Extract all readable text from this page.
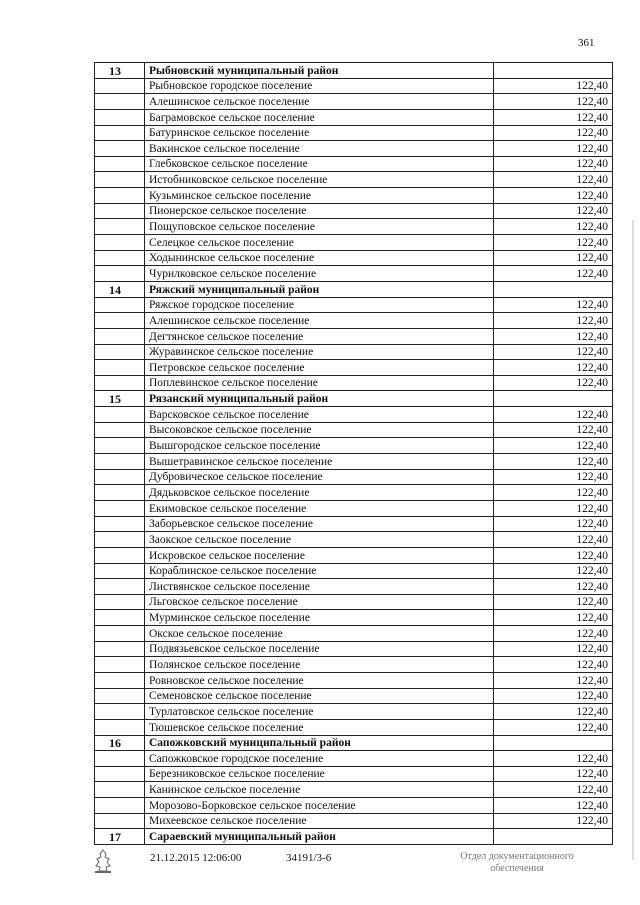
361
13	Рыбновский муниципальный район	
	Рыбновское городское поселение	122,40
	Алешинское сельское поселение	122,40
	Баграмовское сельское поселение	122,40
	Батуринское сельское поселение	122,40
	Вакинское сельское поселение	122,40
	Глебковское сельское поселение	122,40
	Истобниковское сельское поселение	122,40
	Кузьминское сельское поселение	122,40
	Пионерское сельское поселение	122,40
	Пощуповское сельское поселение	122,40
	Селецкое сельское поселение	122,40
	Ходынинское сельское поселение	122,40
	Чурилковское сельское поселение	122,40
14	Ряжский муниципальный район	
	Ряжское городское поселение	122,40
	Алешинское сельское поселение	122,40
	Дегтянское сельское поселение	122,40
	Журавинское сельское поселение	122,40
	Петровское сельское поселение	122,40
	Поплевинское сельское поселение	122,40
15	Рязанский муниципальный район	
	Варсковское сельское поселение	122,40
	Высоковское сельское поселение	122,40
	Вышгородское сельское поселение	122,40
	Вышетравинское сельское поселение	122,40
	Дубровическое сельское поселение	122,40
	Дядьковское сельское поселение	122,40
	Екимовское сельское поселение	122,40
	Заборьевское сельское поселение	122,40
	Заокское сельское поселение	122,40
	Искровское сельское поселение	122,40
	Кораблинское сельское поселение	122,40
	Листвянское сельское поселение	122,40
	Льговское сельское поселение	122,40
	Мурминское сельское поселение	122,40
	Окское сельское поселение	122,40
	Подвязьевское сельское поселение	122,40
	Полянское сельское поселение	122,40
	Ровновское сельское поселение	122,40
	Семеновское сельское поселение	122,40
	Турлатовское сельское поселение	122,40
	Тюшевское сельское поселение	122,40
16	Сапожковский муниципальный район	
	Сапожковское городское поселение	122,40
	Березниковское сельское поселение	122,40
	Канинское сельское поселение	122,40
	Морозово-Борковское сельское поселение	122,40
	Михеевское сельское поселение	122,40
17	Сараевский муниципальный район	
21.12.2015 12:06:00	34191/3-6	Отдел документационного
обеспечения
